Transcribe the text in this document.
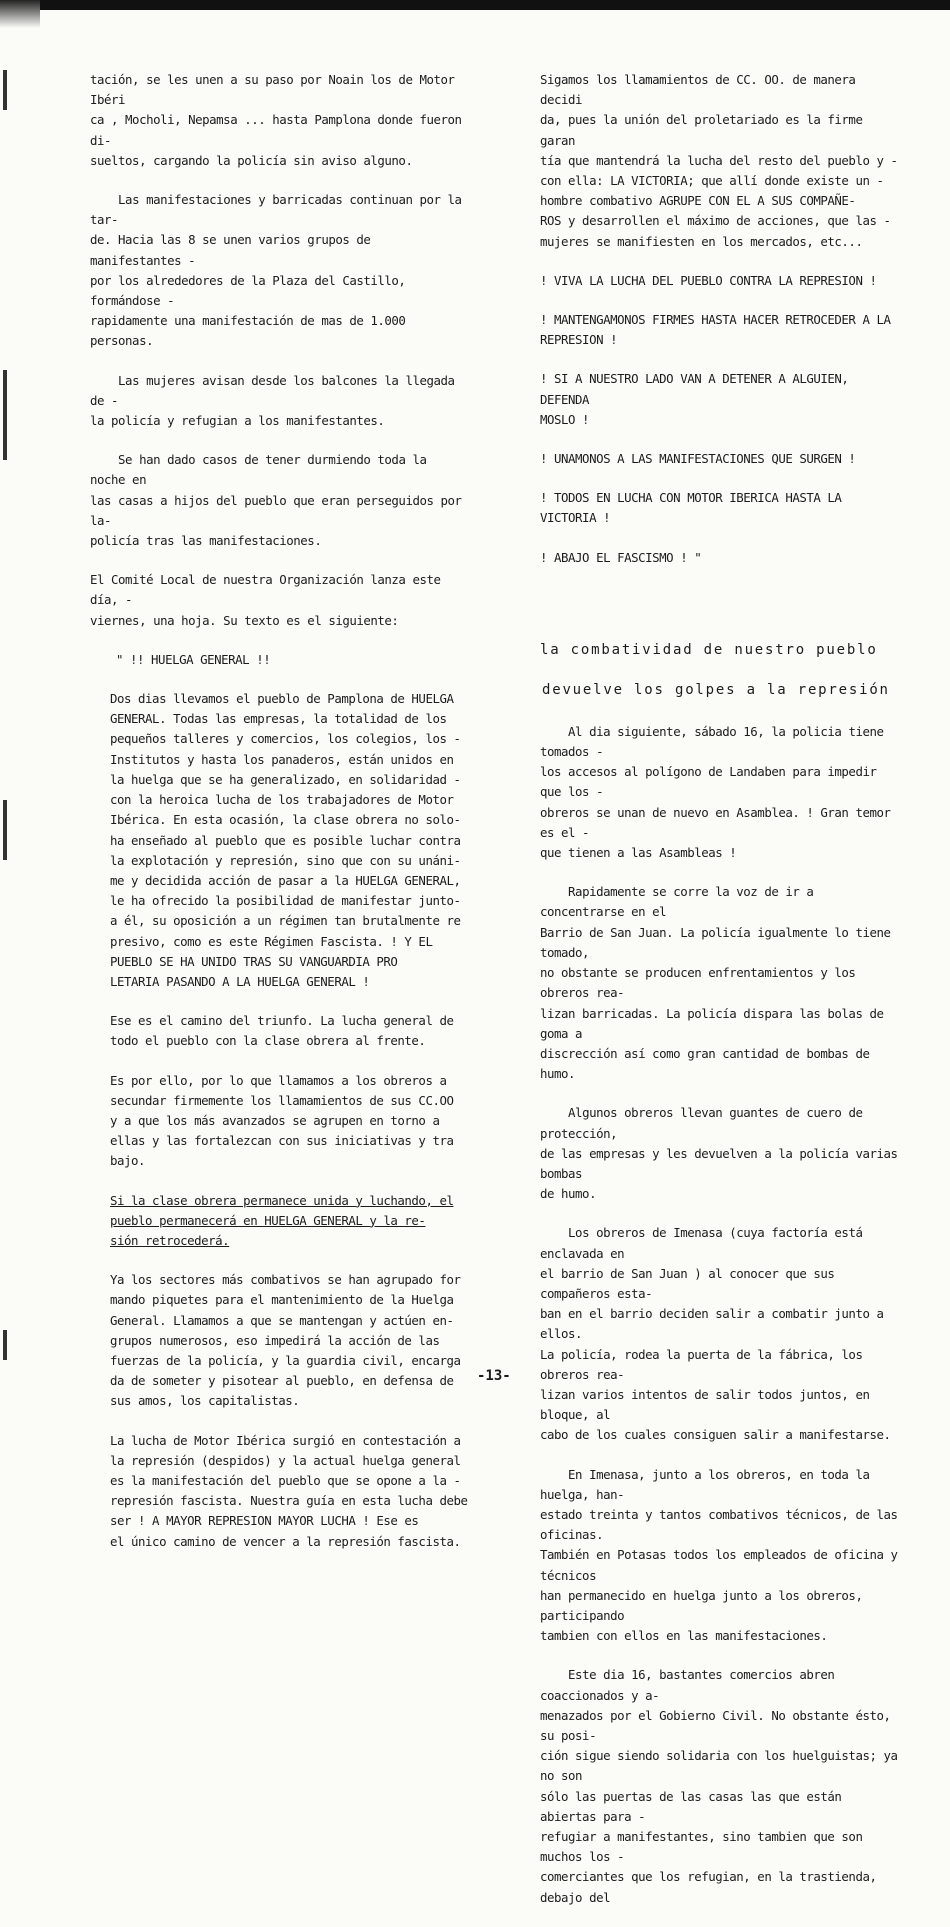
tación, se les unen a su paso por Noain los de Motor Ibéri
ca , Mocholi, Nepamsa ... hasta Pamplona donde fueron di-
sueltos, cargando la policía sin aviso alguno.
Las manifestaciones y barricadas continuan por la tar-
de. Hacia las 8 se unen varios grupos de manifestantes -
por los alrededores de la Plaza del Castillo, formándose -
rapidamente una manifestación de mas de 1.000 personas.
Las mujeres avisan desde los balcones la llegada de -
la policía y refugian a los manifestantes.
Se han dado casos de tener durmiendo toda la noche en
las casas a hijos del pueblo que eran perseguidos por la-
policía tras las manifestaciones.
El Comité Local de nuestra Organización lanza este día, -
viernes, una hoja. Su texto es el siguiente:
" !! HUELGA GENERAL !!
Dos dias llevamos el pueblo de Pamplona de HUELGA
GENERAL. Todas las empresas, la totalidad de los
pequeños talleres y comercios, los colegios, los -
Institutos y hasta los panaderos, están unidos en
la huelga que se ha generalizado, en solidaridad -
con la heroica lucha de los trabajadores de Motor
Ibérica. En esta ocasión, la clase obrera no solo-
ha enseñado al pueblo que es posible luchar contra
la explotación y represión, sino que con su unáni-
me y decidida acción de pasar a la HUELGA GENERAL,
le ha ofrecido la posibilidad de manifestar junto-
a él, su oposición a un régimen tan brutalmente re
presivo, como es este Régimen Fascista. ! Y EL
PUEBLO SE HA UNIDO TRAS SU VANGUARDIA PRO
LETARIA PASANDO A LA HUELGA GENERAL !
Ese es el camino del triunfo. La lucha general de
todo el pueblo con la clase obrera al frente.
Es por ello, por lo que llamamos a los obreros a
secundar firmemente los llamamientos de sus CC.OO
y a que los más avanzados se agrupen en torno a
ellas y las fortalezcan con sus iniciativas y tra
bajo.
Si la clase obrera permanece unida y luchando, el
pueblo permanecerá en HUELGA GENERAL y la re-
sión retrocederá.
Ya los sectores más combativos se han agrupado for
mando piquetes para el mantenimiento de la Huelga
General. Llamamos a que se mantengan y actúen en-
grupos numerosos, eso impedirá la acción de las
fuerzas de la policía, y la guardia civil, encarga
da de someter y pisotear al pueblo, en defensa de
sus amos, los capitalistas.
La lucha de Motor Ibérica surgió en contestación a
la represión (despidos) y la actual huelga general
es la manifestación del pueblo que se opone a la -
represión fascista. Nuestra guía en esta lucha debe
ser ! A MAYOR REPRESION MAYOR LUCHA ! Ese es
el único camino de vencer a la represión fascista.
Sigamos los llamamientos de CC. OO. de manera decidi
da, pues la unión del proletariado es la firme garan
tía que mantendrá la lucha del resto del pueblo y -
con ella: LA VICTORIA; que allí donde existe un -
hombre combativo AGRUPE CON EL A SUS COMPAÑE-
ROS y desarrollen el máximo de acciones, que las -
mujeres se manifiesten en los mercados, etc...
! VIVA LA LUCHA DEL PUEBLO CONTRA LA REPRESION !
! MANTENGAMONOS FIRMES HASTA HACER RETROCEDER A LA
REPRESION !
! SI A NUESTRO LADO VAN A DETENER A ALGUIEN, DEFENDA
MOSLO !
! UNAMONOS A LAS MANIFESTACIONES QUE SURGEN !
! TODOS EN LUCHA CON MOTOR IBERICA HASTA LA VICTORIA !
! ABAJO EL FASCISMO ! "
la combatividad de nuestro pueblo
devuelve los golpes a la represión
Al dia siguiente, sábado 16, la policia tiene tomados -
los accesos al polígono de Landaben para impedir que los -
obreros se unan de nuevo en Asamblea. ! Gran temor es el -
que tienen a las Asambleas !
Rapidamente se corre la voz de ir a concentrarse en el
Barrio de San Juan. La policía igualmente lo tiene tomado,
no obstante se producen enfrentamientos y los obreros rea-
lizan barricadas. La policía dispara las bolas de goma a
discrección así como gran cantidad de bombas de humo.
Algunos obreros llevan guantes de cuero de protección,
de las empresas y les devuelven a la policía varias bombas
de humo.
Los obreros de Imenasa (cuya factoría está enclavada en
el barrio de San Juan ) al conocer que sus compañeros esta-
ban en el barrio deciden salir a combatir junto a ellos.
La policía, rodea la puerta de la fábrica, los obreros rea-
lizan varios intentos de salir todos juntos, en bloque, al
cabo de los cuales consiguen salir a manifestarse.
En Imenasa, junto a los obreros, en toda la huelga, han-
estado treinta y tantos combativos técnicos, de las oficinas.
También en Potasas todos los empleados de oficina y técnicos
han permanecido en huelga junto a los obreros, participando
tambien con ellos en las manifestaciones.
Este dia 16, bastantes comercios abren coaccionados y a-
menazados por el Gobierno Civil. No obstante ésto, su posi-
ción sigue siendo solidaria con los huelguistas; ya no son
sólo las puertas de las casas las que están abiertas para -
refugiar a manifestantes, sino tambien que son muchos los -
comerciantes que los refugian, en la trastienda, debajo del
-13-
